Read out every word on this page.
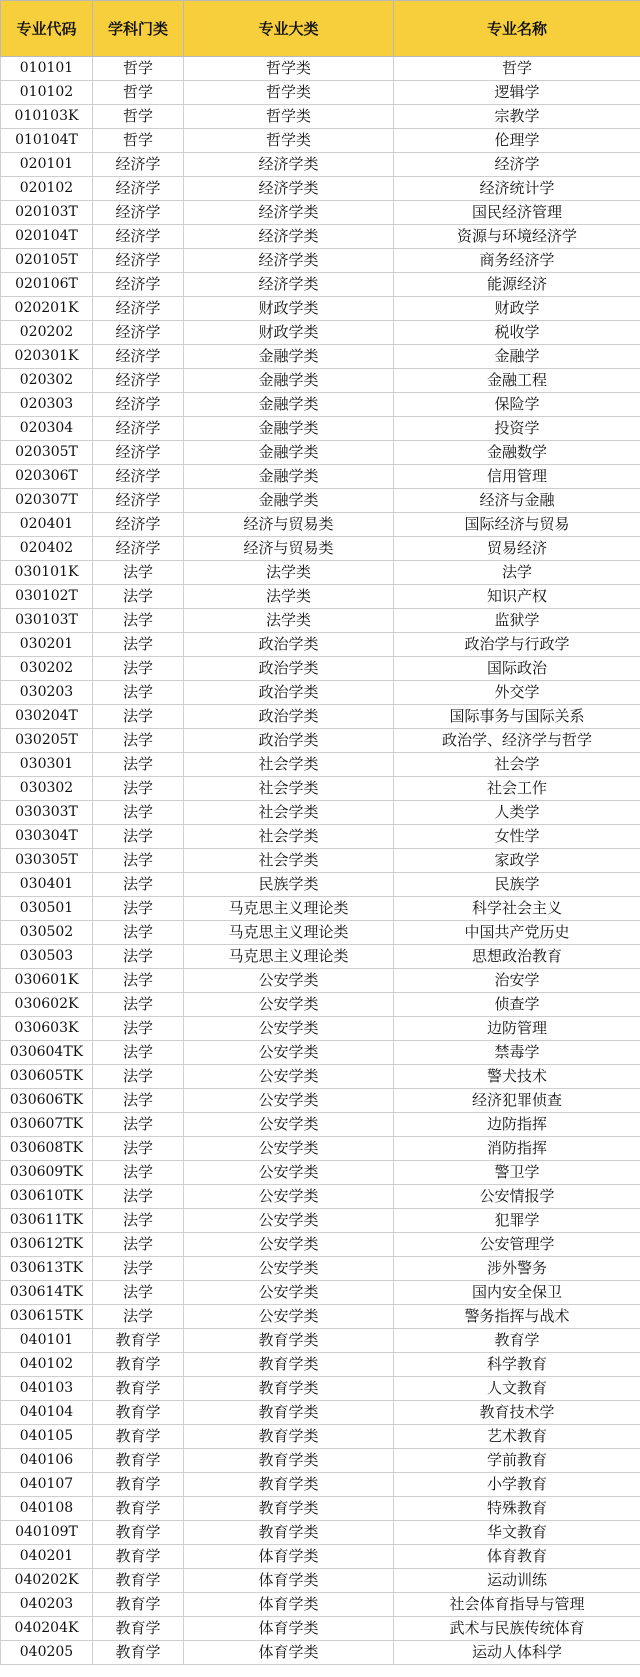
专业代码	学科门类	专业大类	专业名称
010101	哲学	哲学类	哲学
010102	哲学	哲学类	逻辑学
010103K	哲学	哲学类	宗教学
010104T	哲学	哲学类	伦理学
020101	经济学	经济学类	经济学
020102	经济学	经济学类	经济统计学
020103T	经济学	经济学类	国民经济管理
020104T	经济学	经济学类	资源与环境经济学
020105T	经济学	经济学类	商务经济学
020106T	经济学	经济学类	能源经济
020201K	经济学	财政学类	财政学
020202	经济学	财政学类	税收学
020301K	经济学	金融学类	金融学
020302	经济学	金融学类	金融工程
020303	经济学	金融学类	保险学
020304	经济学	金融学类	投资学
020305T	经济学	金融学类	金融数学
020306T	经济学	金融学类	信用管理
020307T	经济学	金融学类	经济与金融
020401	经济学	经济与贸易类	国际经济与贸易
020402	经济学	经济与贸易类	贸易经济
030101K	法学	法学类	法学
030102T	法学	法学类	知识产权
030103T	法学	法学类	监狱学
030201	法学	政治学类	政治学与行政学
030202	法学	政治学类	国际政治
030203	法学	政治学类	外交学
030204T	法学	政治学类	国际事务与国际关系
030205T	法学	政治学类	政治学、经济学与哲学
030301	法学	社会学类	社会学
030302	法学	社会学类	社会工作
030303T	法学	社会学类	人类学
030304T	法学	社会学类	女性学
030305T	法学	社会学类	家政学
030401	法学	民族学类	民族学
030501	法学	马克思主义理论类	科学社会主义
030502	法学	马克思主义理论类	中国共产党历史
030503	法学	马克思主义理论类	思想政治教育
030601K	法学	公安学类	治安学
030602K	法学	公安学类	侦查学
030603K	法学	公安学类	边防管理
030604TK	法学	公安学类	禁毒学
030605TK	法学	公安学类	警犬技术
030606TK	法学	公安学类	经济犯罪侦查
030607TK	法学	公安学类	边防指挥
030608TK	法学	公安学类	消防指挥
030609TK	法学	公安学类	警卫学
030610TK	法学	公安学类	公安情报学
030611TK	法学	公安学类	犯罪学
030612TK	法学	公安学类	公安管理学
030613TK	法学	公安学类	涉外警务
030614TK	法学	公安学类	国内安全保卫
030615TK	法学	公安学类	警务指挥与战术
040101	教育学	教育学类	教育学
040102	教育学	教育学类	科学教育
040103	教育学	教育学类	人文教育
040104	教育学	教育学类	教育技术学
040105	教育学	教育学类	艺术教育
040106	教育学	教育学类	学前教育
040107	教育学	教育学类	小学教育
040108	教育学	教育学类	特殊教育
040109T	教育学	教育学类	华文教育
040201	教育学	体育学类	体育教育
040202K	教育学	体育学类	运动训练
040203	教育学	体育学类	社会体育指导与管理
040204K	教育学	体育学类	武术与民族传统体育
040205	教育学	体育学类	运动人体科学
